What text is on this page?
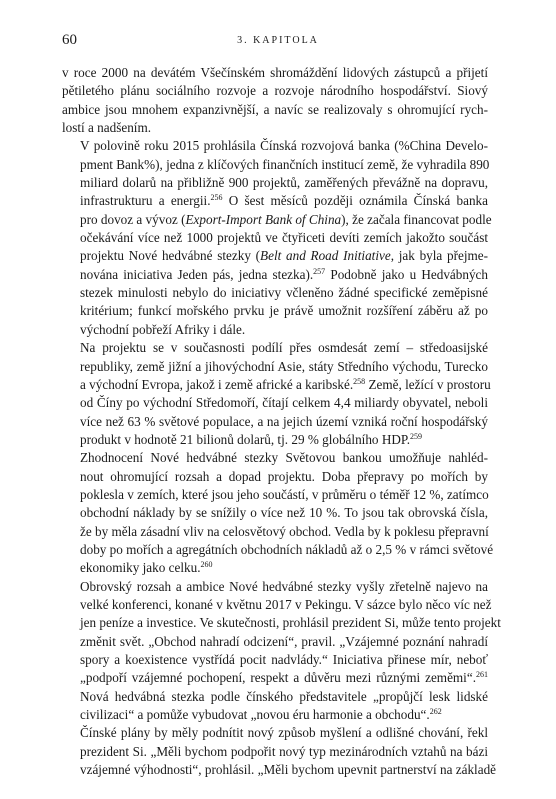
60	3. KAPITOLA
v roce 2000 na devátém Všečínském shromáždění lidových zástupců a přijetí
pětiletého plánu sociálního rozvoje a rozvoje národního hospodářství. Siový
ambice jsou mnohem expanzivnější, a navíc se realizovaly s ohromující rych-
lostí a nadšením.
V polovině roku 2015 prohlásila Čínská rozvojová banka (%China Develo-
pment Bank%), jedna z klíčových finančních institucí země, že vyhradila 890
miliard dolarů na přibližně 900 projektů, zaměřených převážně na dopravu,
infrastrukturu a energii.$^{256}$ O šest měsíců později oznámila Čínská banka
pro dovoz a vývoz (Export-Import Bank of China), že začala financovat podle
očekávání více než 1000 projektů ve čtyřiceti devíti zemích jakožto součást
projektu Nové hedvábné stezky (Belt and Road Initiative, jak byla přejme-
nována iniciativa Jeden pás, jedna stezka).$^{257}$ Podobně jako u Hedvábných
stezek minulosti nebylo do iniciativy včleněno žádné specifické zeměpisné
kritérium; funkcí mořského prvku je právě umožnit rozšíření záběru až po
východní pobřeží Afriky i dále.
Na projektu se v současnosti podílí přes osmdesát zemí – středoasijské
republiky, země jižní a jihovýchodní Asie, státy Středního východu, Turecko
a východní Evropa, jakož i země africké a karibské.$^{258}$ Země, ležící v prostoru
od Číny po východní Středomoří, čítají celkem 4,4 miliardy obyvatel, neboli
více než 63 % světové populace, a na jejich území vzniká roční hospodářský
produkt v hodnotě 21 bilionů dolarů, tj. 29 % globálního HDP.$^{259}$
Zhodnocení Nové hedvábné stezky Světovou bankou umožňuje nahléd-
nout ohromující rozsah a dopad projektu. Doba přepravy po mořích by
poklesla v zemích, které jsou jeho součástí, v průměru o téměř 12 %, zatímco
obchodní náklady by se snížily o více než 10 %. To jsou tak obrovská čísla,
že by měla zásadní vliv na celosvětový obchod. Vedla by k poklesu přepravní
doby po mořích a agregátních obchodních nákladů až o 2,5 % v rámci světové
ekonomiky jako celku.$^{260}$
Obrovský rozsah a ambice Nové hedvábné stezky vyšly zřetelně najevo na
velké konferenci, konané v květnu 2017 v Pekingu. V sázce bylo něco víc než
jen peníze a investice. Ve skutečnosti, prohlásil prezident Si, může tento projekt
změnit svět. „Obchod nahradí odcizení“, pravil. „Vzájemné poznání nahradí
spory a koexistence vystřídá pocit nadvlády.“ Iniciativa přinese mír, neboť
„podpoří vzájemné pochopení, respekt a důvěru mezi různými zeměmi“.$^{261}$
Nová hedvábná stezka podle čínského představitele „propůjčí lesk lidské
civilizaci“ a pomůže vybudovat „novou éru harmonie a obchodu“.$^{262}$
Čínské plány by měly podnítit nový způsob myšlení a odlišné chování, řekl
prezident Si. „Měli bychom podpořit nový typ mezinárodních vztahů na bázi
vzájemné výhodnosti“, prohlásil. „Měli bychom upevnit partnerství na základě
